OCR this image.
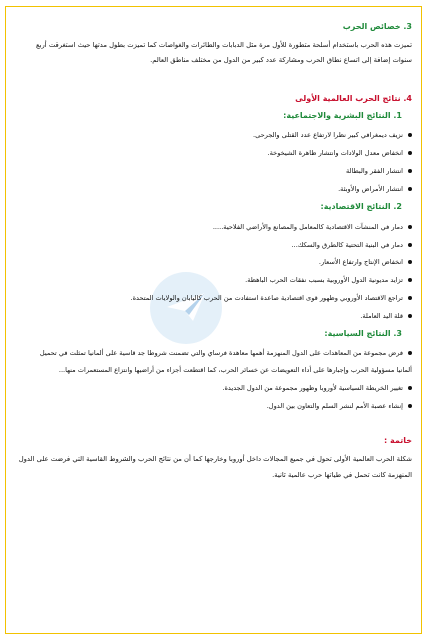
3. خصائص الحرب
تميزت هذه الحرب باستخدام أسلحة متطورة للأول مرة مثل الدبابات والطائرات والغواصات كما تميزت بطول مدتها حيث استغرقت أربع
سنوات إضافة إلى اتساع نطاق الحرب ومشاركة عدد كبير من الدول من مختلف مناطق العالم.
4. نتائج الحرب العالمية الأولى
1. النتائج البشرية والاجتماعية:
نزيف ديمغرافي كبير نظرا لارتفاع عدد القتلى والجرحى.
انخفاض معدل الولادات وانتشار ظاهرة الشيخوخة.
انتشار الفقر والبطالة
انتشار الأمراض والأوبئة.
2. النتائج الاقتصادية:
دمار في المنشآت الاقتصادية كالمعامل والمصانع والأراضي الفلاحية.....
دمار في البنية التحتية كالطرق والسكك...
انخفاض الإنتاج وارتفاع الأسعار.
تزايد مديونية الدول الأوروبية بسبب نفقات الحرب الباهظة.
تراجع الاقتصاد الأوروبي وظهور قوى اقتصادية صاعدة استفادت من الحرب كاليابان والولايات المتحدة.
قلة اليد العاملة.
3. النتائج السياسية:
فرض مجموعة من المعاهدات على الدول المنهزمة أهمها معاهدة فرساي والتي تضمنت شروطا جد قاسية على ألمانيا تمثلت في تحميل
ألمانيا مسؤولية الحرب وإجبارها على أداء التعويضات عن خسائر الحرب، كما اقتطعت أجزاء من أراضيها وانتزاع المستعمرات منها...
تغيير الخريطة السياسية لأوروبا وظهور مجموعة من الدول الجديدة.
إنشاء عصبة الأمم لنشر السلم والتعاون بين الدول.
خاتمة :
شكلة الحرب العالمية الأولى تحول في جميع المجالات داخل أوروبا وخارجها كما أن من نتائج الحرب والشروط القاسية التي فرضت على الدول
المنهزمة كانت تحمل في طياتها حرب عالمية ثانية.
